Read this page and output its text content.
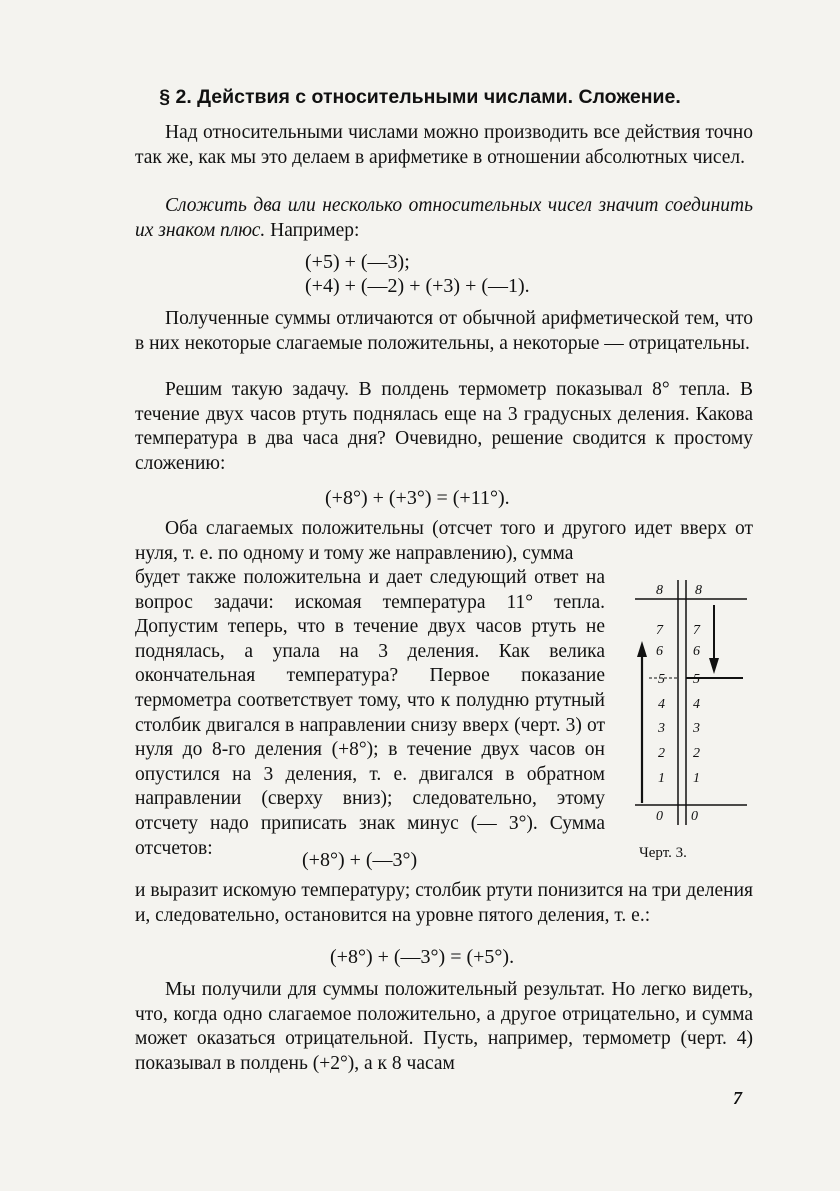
§ 2. Действия с относительными числами. Сложение.

Над относительными числами можно производить все действия точно так же, как мы это делаем в арифметике в отношении абсолютных чисел.

Сложить два или несколько относительных чисел значит соединить их знаком плюс. Например:

(+5) + (—3);
(+4) + (—2) + (+3) + (—1).

Полученные суммы отличаются от обычной арифметической тем, что в них некоторые слагаемые положительны, а некоторые — отрицательны.

Решим такую задачу. В полдень термометр показывал 8° тепла. В течение двух часов ртуть поднялась еще на 3 градусных деления. Какова температура в два часа дня? Очевидно, решение сводится к простому сложению:

(+8°) + (+3°) = (+11°).

Оба слагаемых положительны (отсчет того и другого идет вверх от нуля, т. е. по одному и тому же направлению), сумма

будет также положительна и дает следующий ответ на вопрос задачи: искомая температура 11° тепла. Допустим теперь, что в течение двух часов ртуть не поднялась, а упала на 3 деления. Как велика окончательная температура? Первое показание термометра соответствует тому, что к полудню ртутный столбик двигался в направлении снизу вверх (черт. 3) от нуля до 8-го деления (+8°); в течение двух часов он опустился на 3 деления, т. е. двигался в обратном направлении (сверху вниз); следовательно, этому отсчету надо приписать знак минус (— 3°). Сумма отсчетов:

(+8°) + (—3°)

и выразит искомую температуру; столбик ртути понизится на три деления и, следовательно, остановится на уровне пятого деления, т. е.:

(+8°) + (—3°) = (+5°).

Мы получили для суммы положительный результат. Но легко видеть, что, когда одно слагаемое положительно, а другое отрицательно, и сумма может оказаться отрицательной. Пусть, например, термометр (черт. 4) показывал в полдень (+2°), а к 8 часам

8
7
6
5
4
3
2
1
0
8
7
6
5
4
3
2
1
0
Черт. 3.
7
